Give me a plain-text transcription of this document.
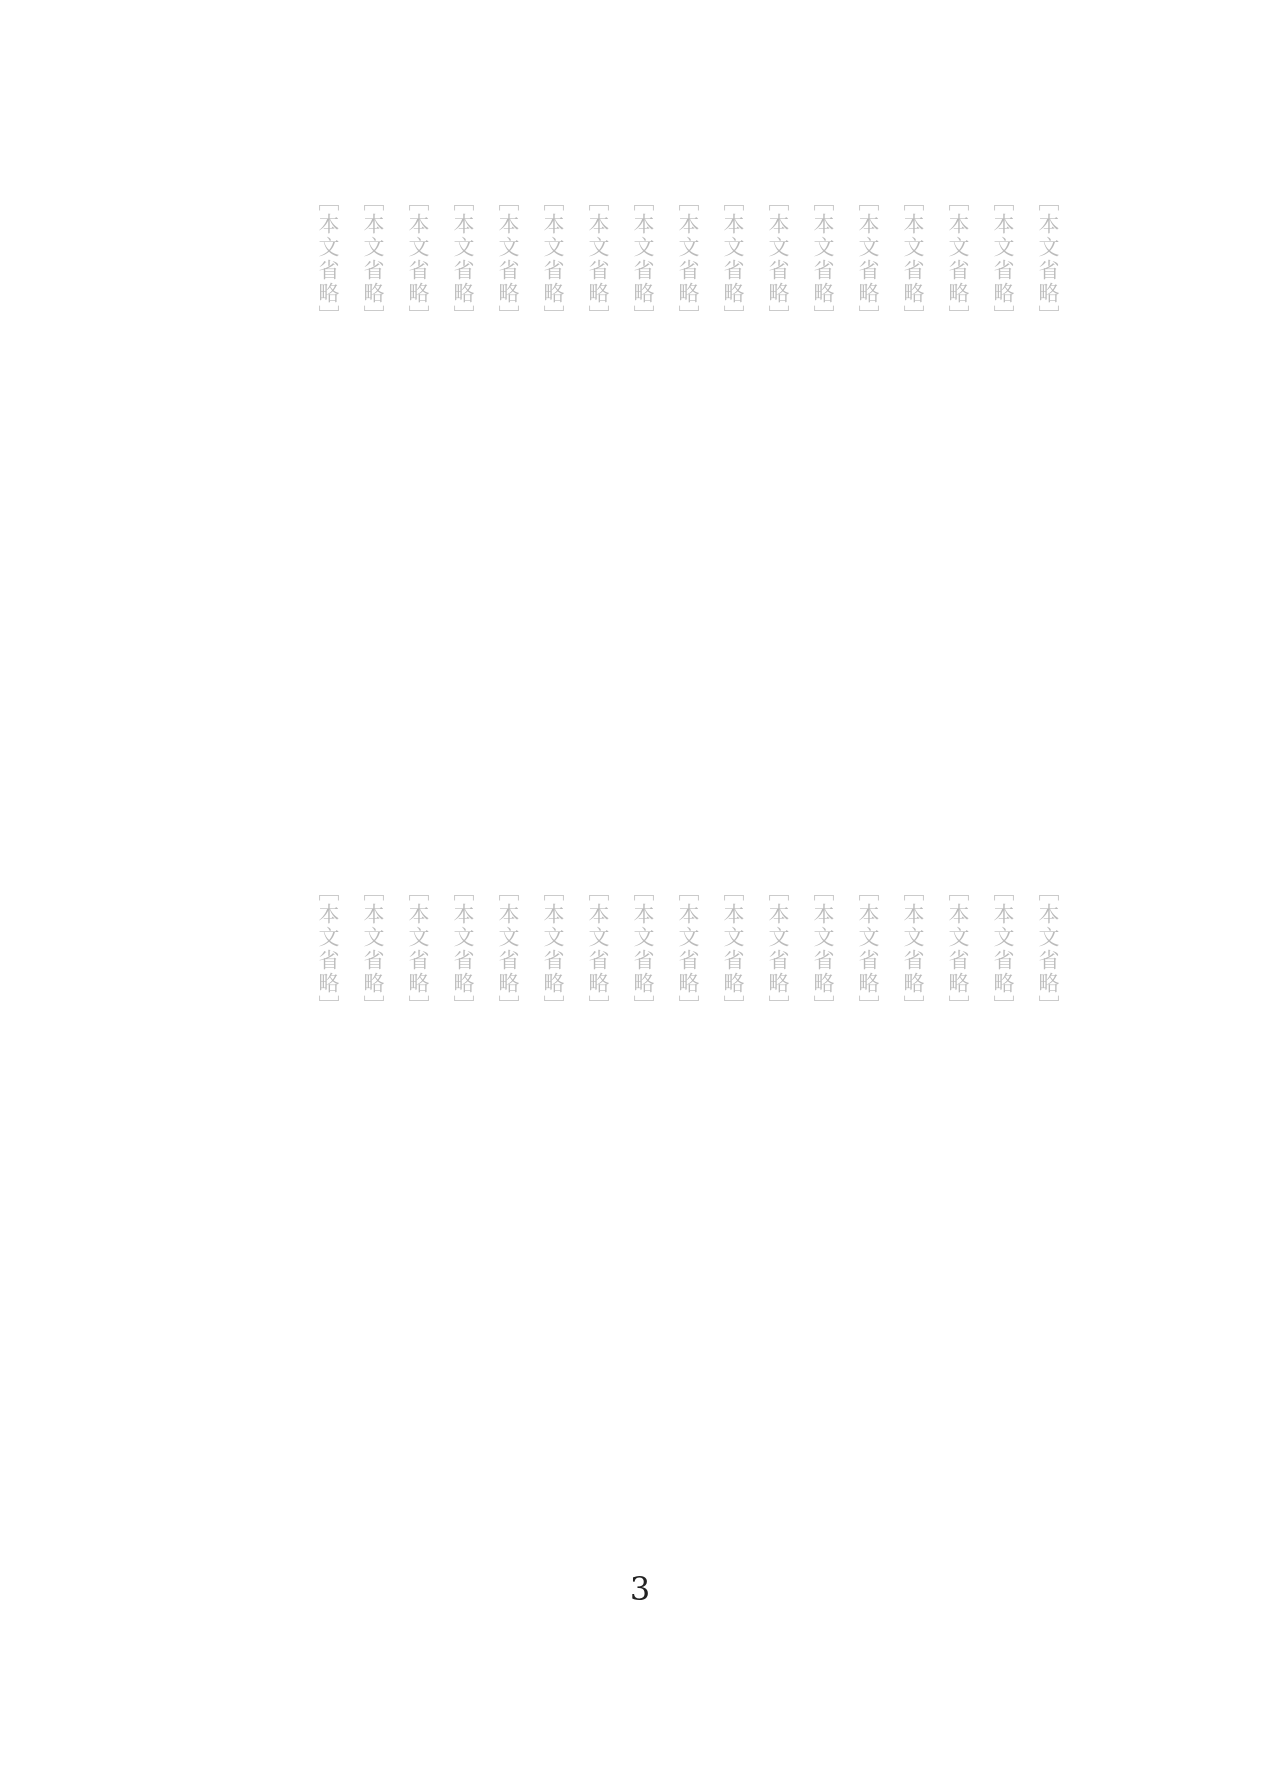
［本文省略］
［本文省略］
［本文省略］
［本文省略］
［本文省略］
［本文省略］
［本文省略］
［本文省略］
［本文省略］
［本文省略］
［本文省略］
［本文省略］
［本文省略］
［本文省略］
［本文省略］
［本文省略］
［本文省略］
［本文省略］
［本文省略］
［本文省略］
［本文省略］
［本文省略］
［本文省略］
［本文省略］
［本文省略］
［本文省略］
［本文省略］
［本文省略］
［本文省略］
［本文省略］
［本文省略］
［本文省略］
［本文省略］
［本文省略］
3
